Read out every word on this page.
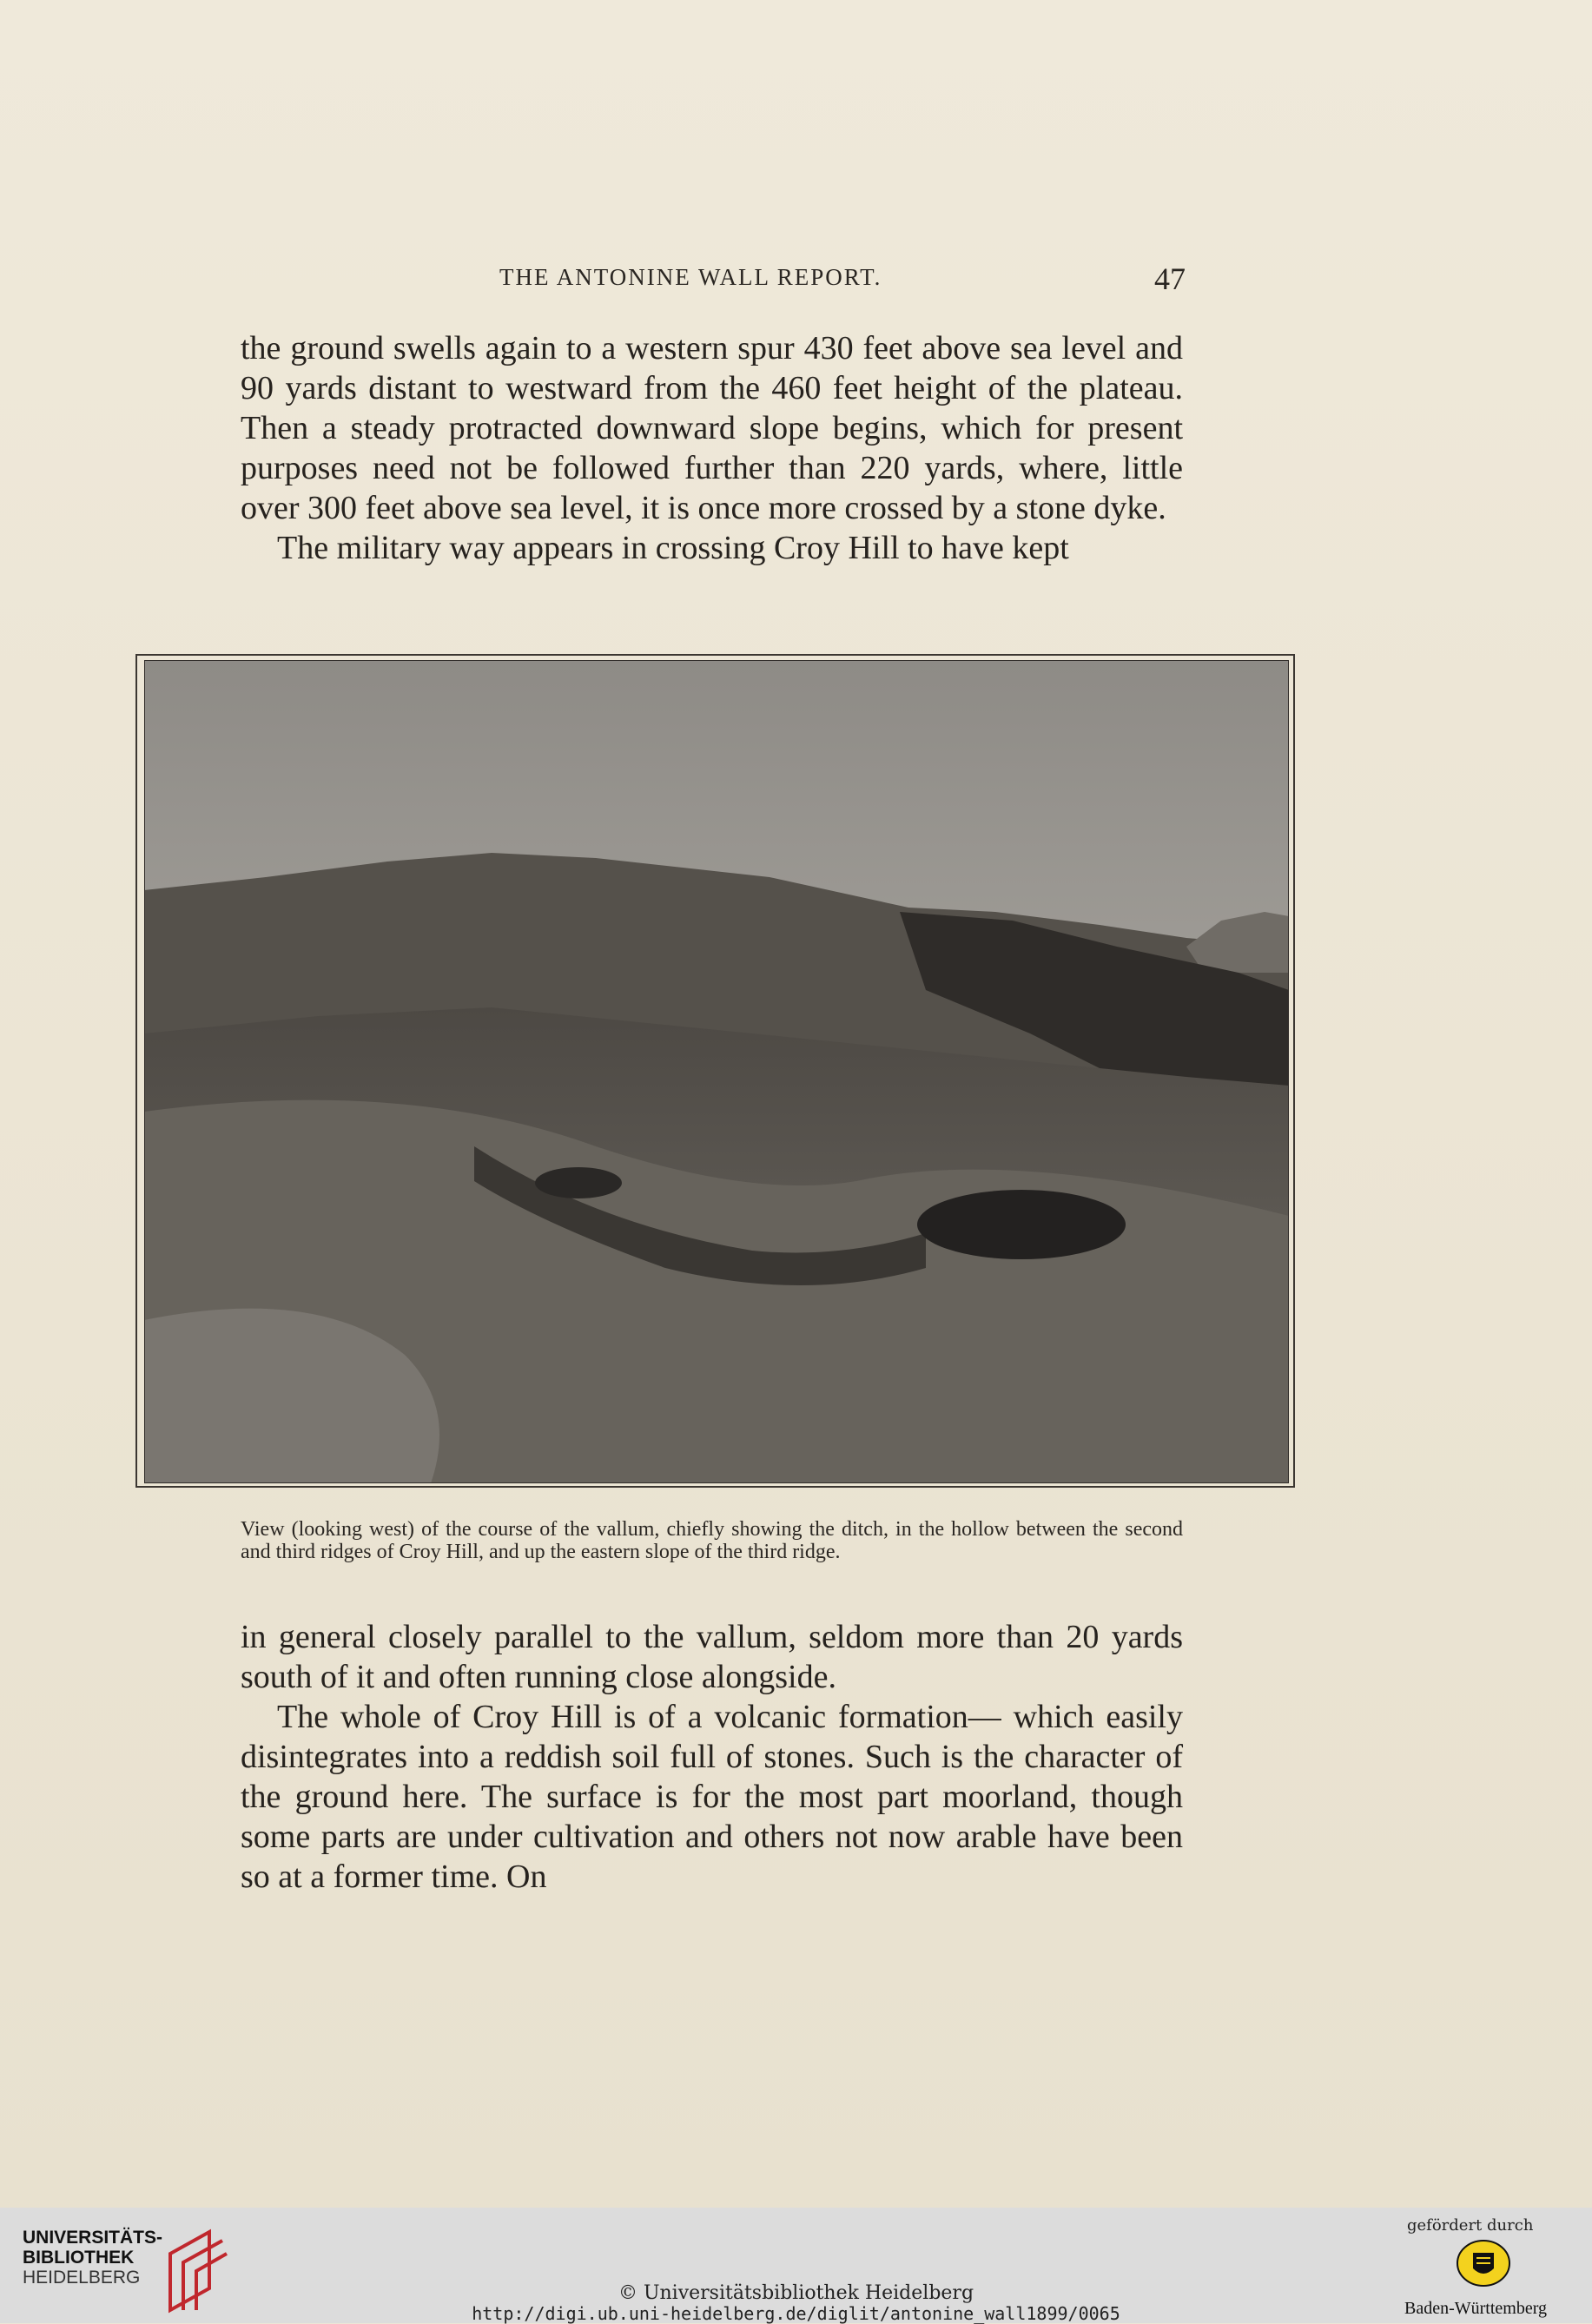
THE ANTONINE WALL REPORT.	47

the ground swells again to a western spur 430 feet above sea level and 90 yards distant to westward from the 460 feet height of the plateau. Then a steady protracted downward slope begins, which for present purposes need not be followed further than 220 yards, where, little over 300 feet above sea level, it is once more crossed by a stone dyke.

The military way appears in crossing Croy Hill to have kept

View (looking west) of the course of the vallum, chiefly showing the ditch, in the hollow between the second and third ridges of Croy Hill, and up the eastern slope of the third ridge.

in general closely parallel to the vallum, seldom more than 20 yards south of it and often running close alongside.

The whole of Croy Hill is of a volcanic formation— which easily disintegrates into a reddish soil full of stones. Such is the character of the ground here. The surface is for the most part moorland, though some parts are under cultivation and others not now arable have been so at a former time. On

UNIVERSITÄTS-
BIBLIOTHEK
HEIDELBERG
© Universitätsbibliothek Heidelberg
http://digi.ub.uni-heidelberg.de/diglit/antonine_wall1899/0065
gefördert durch
Baden-Württemberg
